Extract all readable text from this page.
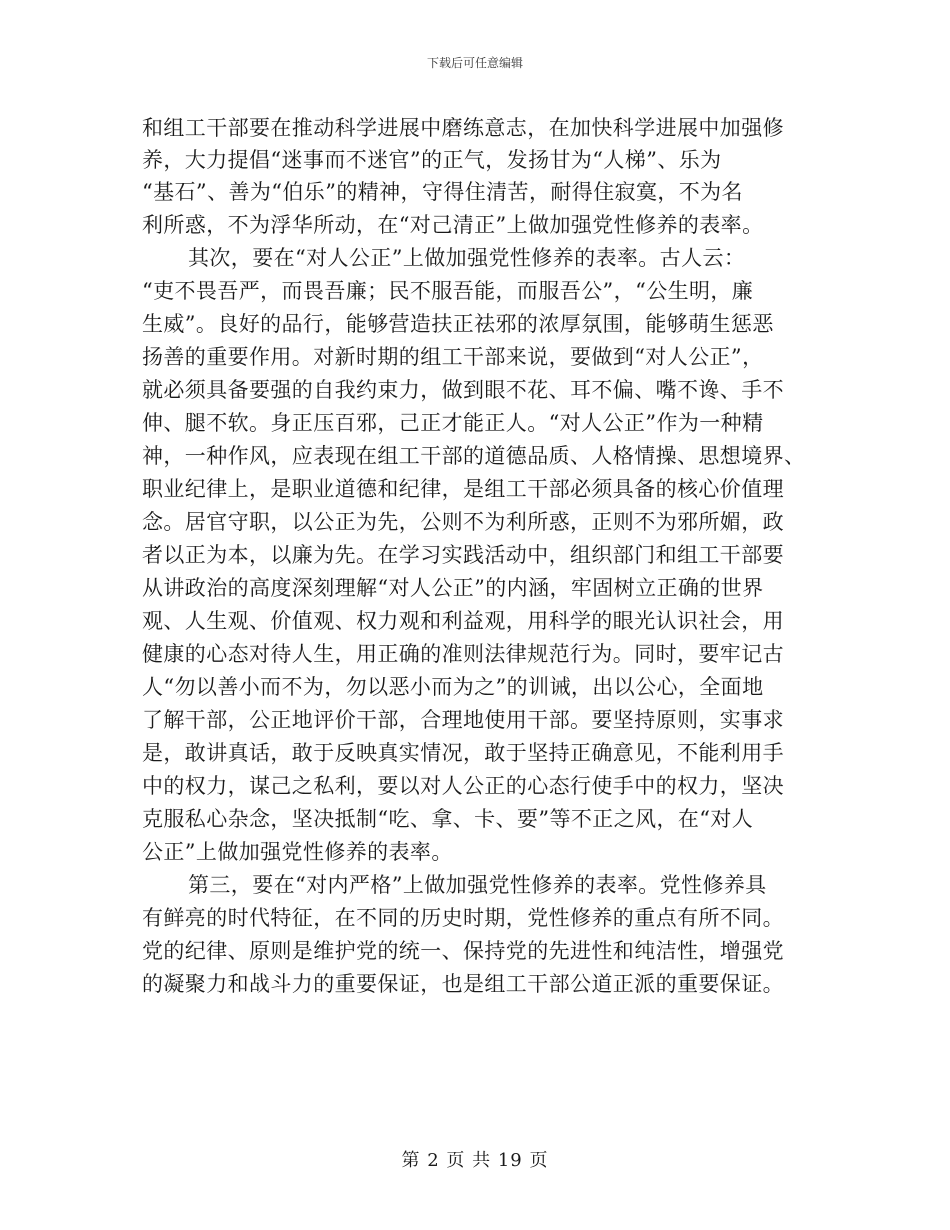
下载后可任意编辑
和组工干部要在推动科学进展中磨练意志，在加快科学进展中加强修
养，大力提倡“迷事而不迷官”的正气，发扬甘为“人梯”、乐为
“基石”、善为“伯乐”的精神，守得住清苦，耐得住寂寞，不为名
利所惑，不为浮华所动，在“对己清正”上做加强党性修养的表率。
其次，要在“对人公正”上做加强党性修养的表率。古人云：
“吏不畏吾严，而畏吾廉；民不服吾能，而服吾公”，“公生明，廉
生威”。良好的品行，能够营造扶正祛邪的浓厚氛围，能够萌生惩恶
扬善的重要作用。对新时期的组工干部来说，要做到“对人公正”，
就必须具备要强的自我约束力，做到眼不花、耳不偏、嘴不谗、手不
伸、腿不软。身正压百邪，己正才能正人。“对人公正”作为一种精
神，一种作风，应表现在组工干部的道德品质、人格情操、思想境界、
职业纪律上，是职业道德和纪律，是组工干部必须具备的核心价值理
念。居官守职，以公正为先，公则不为利所惑，正则不为邪所媚，政
者以正为本，以廉为先。在学习实践活动中，组织部门和组工干部要
从讲政治的高度深刻理解“对人公正”的内涵，牢固树立正确的世界
观、人生观、价值观、权力观和利益观，用科学的眼光认识社会，用
健康的心态对待人生，用正确的准则法律规范行为。同时，要牢记古
人“勿以善小而不为，勿以恶小而为之”的训诫，出以公心，全面地
了解干部，公正地评价干部，合理地使用干部。要坚持原则，实事求
是，敢讲真话，敢于反映真实情况，敢于坚持正确意见，不能利用手
中的权力，谋己之私利，要以对人公正的心态行使手中的权力，坚决
克服私心杂念，坚决抵制“吃、拿、卡、要”等不正之风，在“对人
公正”上做加强党性修养的表率。
第三，要在“对内严格”上做加强党性修养的表率。党性修养具
有鲜亮的时代特征，在不同的历史时期，党性修养的重点有所不同。
党的纪律、原则是维护党的统一、保持党的先进性和纯洁性，增强党
的凝聚力和战斗力的重要保证，也是组工干部公道正派的重要保证。
第 2 页 共 19 页
